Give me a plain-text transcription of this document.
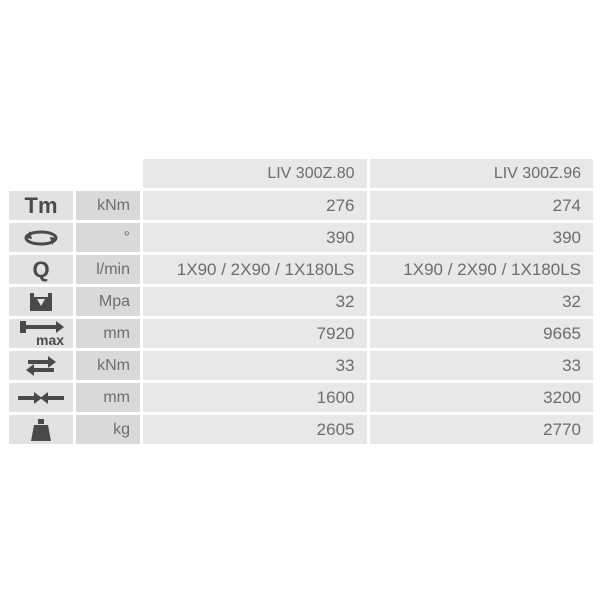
		LIV 300Z.80	LIV 300Z.96
Tm	kNm	276	274

	°	390	390
Q	l/min	1X90 / 2X90 / 1X180LS	1X90 / 2X90 / 1X180LS

	Mpa	32	32

max	mm	7920	9665

	kNm	33	33

	mm	1600	3200

	kg	2605	2770
